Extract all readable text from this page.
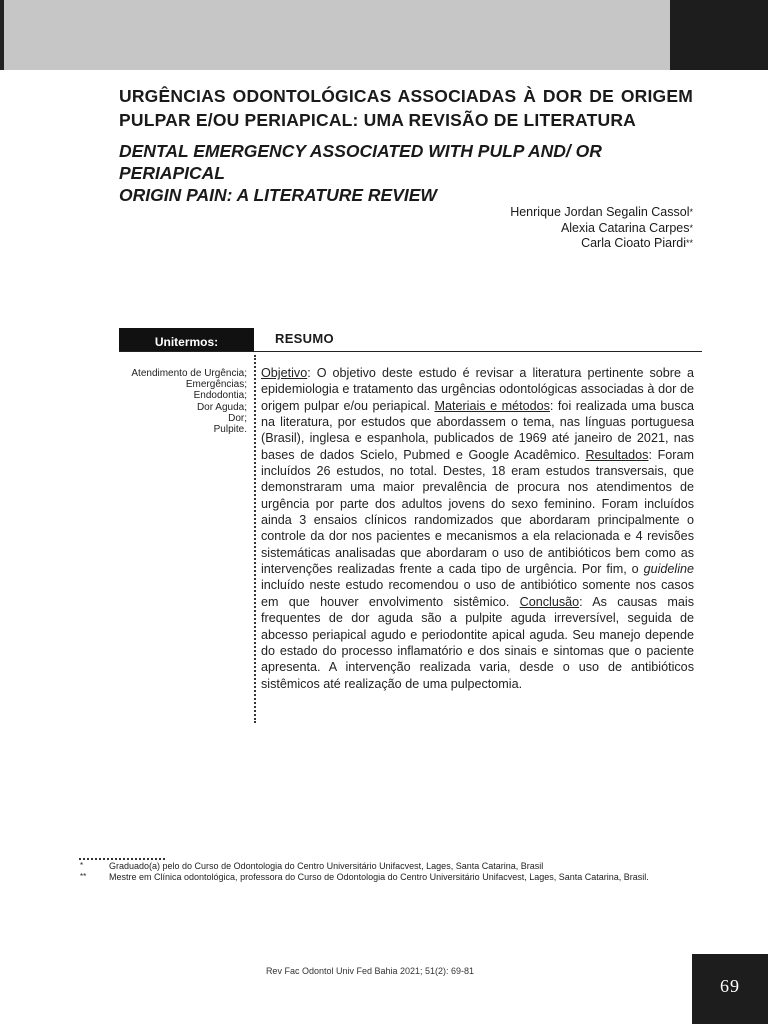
URGÊNCIAS ODONTOLÓGICAS ASSOCIADAS À DOR DE ORIGEM PULPAR E/OU PERIAPICAL: UMA REVISÃO DE LITERATURA
DENTAL EMERGENCY ASSOCIATED WITH PULP AND/ OR PERIAPICAL
ORIGIN PAIN: A LITERATURE REVIEW
Henrique Jordan Segalin Cassol*
Alexia Catarina Carpes*
Carla Cioato Piardi**
Unitermos:	RESUMO
Atendimento de Urgência;
Emergências;
Endodontia;
Dor Aguda;
Dor;
Pulpite.

Objetivo: O objetivo deste estudo é revisar a literatura pertinente sobre a epidemiologia e tratamento das urgências odontológicas associadas à dor de origem pulpar e/ou periapical. Materiais e métodos: foi realizada uma busca na literatura, por estudos que abordassem o tema, nas línguas portuguesa (Brasil), inglesa e espanhola, publicados de 1969 até janeiro de 2021, nas bases de dados Scielo, Pubmed e Google Acadêmico. Resultados: Foram incluídos 26 estudos, no total. Destes, 18 eram estudos transversais, que demonstraram uma maior prevalência de procura nos atendimentos de urgência por parte dos adultos jovens do sexo feminino. Foram incluídos ainda 3 ensaios clínicos randomizados que abordaram principalmente o controle da dor nos pacientes e mecanismos a ela relacionada e 4 revisões sistemáticas analisadas que abordaram o uso de antibióticos bem como as intervenções realizadas frente a cada tipo de urgência. Por fim, o guideline incluído neste estudo recomendou o uso de antibiótico somente nos casos em que houver envolvimento sistêmico. Conclusão: As causas mais frequentes de dor aguda são a pulpite aguda irreversível, seguida de abcesso periapical agudo e periodontite apical aguda. Seu manejo depende do estado do processo inflamatório e dos sinais e sintomas que o paciente apresenta. A intervenção realizada varia, desde o uso de antibióticos sistêmicos até realização de uma pulpectomia.

*	Graduado(a) pelo do Curso de Odontologia do Centro Universitário Unifacvest, Lages, Santa Catarina, Brasil
**	Mestre em Clínica odontológica, professora do Curso de Odontologia do Centro Universitário Unifacvest, Lages, Santa Catarina, Brasil.
Rev Fac Odontol Univ Fed Bahia 2021; 51(2): 69-81
69
